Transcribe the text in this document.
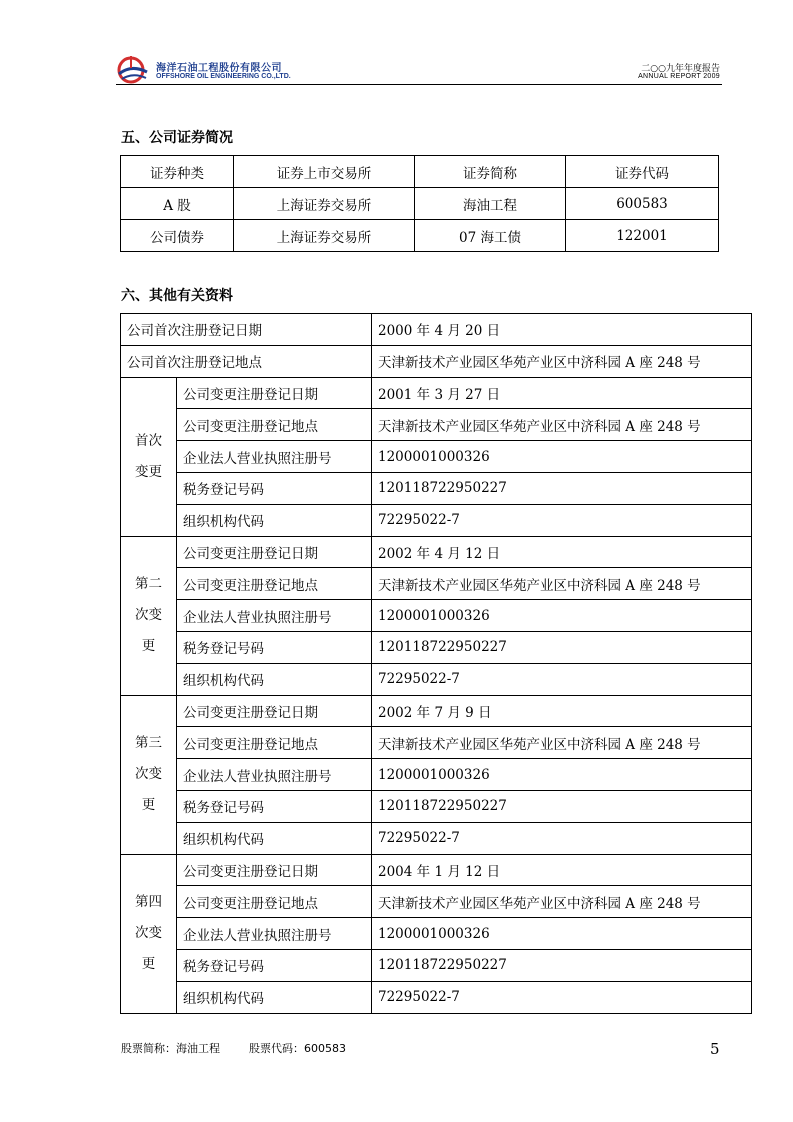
海洋石油工程股份有限公司
OFFSHORE OIL ENGINEERING CO.,LTD.
二○○九年年度报告
ANNUAL REPORT 2009
五、公司证券简况
证券种类	证券上市交易所	证券简称	证券代码
A 股	上海证券交易所	海油工程	600583
公司债券	上海证券交易所	07 海工债	122001
六、其他有关资料
公司首次注册登记日期		2000 年 4 月 20 日
公司首次注册登记地点		天津新技术产业园区华苑产业区中济科园 A 座 248 号

首次
变更	公司变更注册登记日期	2001 年 3 月 27 日
	公司变更注册登记地点	天津新技术产业园区华苑产业区中济科园 A 座 248 号
	企业法人营业执照注册号	1200001000326
	税务登记号码	120118722950227
	组织机构代码	72295022-7

第二
次变
更	公司变更注册登记日期	2002 年 4 月 12 日
	公司变更注册登记地点	天津新技术产业园区华苑产业区中济科园 A 座 248 号
	企业法人营业执照注册号	1200001000326
	税务登记号码	120118722950227
	组织机构代码	72295022-7

第三
次变
更	公司变更注册登记日期	2002 年 7 月 9 日
	公司变更注册登记地点	天津新技术产业园区华苑产业区中济科园 A 座 248 号
	企业法人营业执照注册号	1200001000326
	税务登记号码	120118722950227
	组织机构代码	72295022-7

第四
次变
更	公司变更注册登记日期	2004 年 1 月 12 日
	公司变更注册登记地点	天津新技术产业园区华苑产业区中济科园 A 座 248 号
	企业法人营业执照注册号	1200001000326
	税务登记号码	120118722950227
	组织机构代码	72295022-7
股票简称：海油工程	股票代码：600583	5
